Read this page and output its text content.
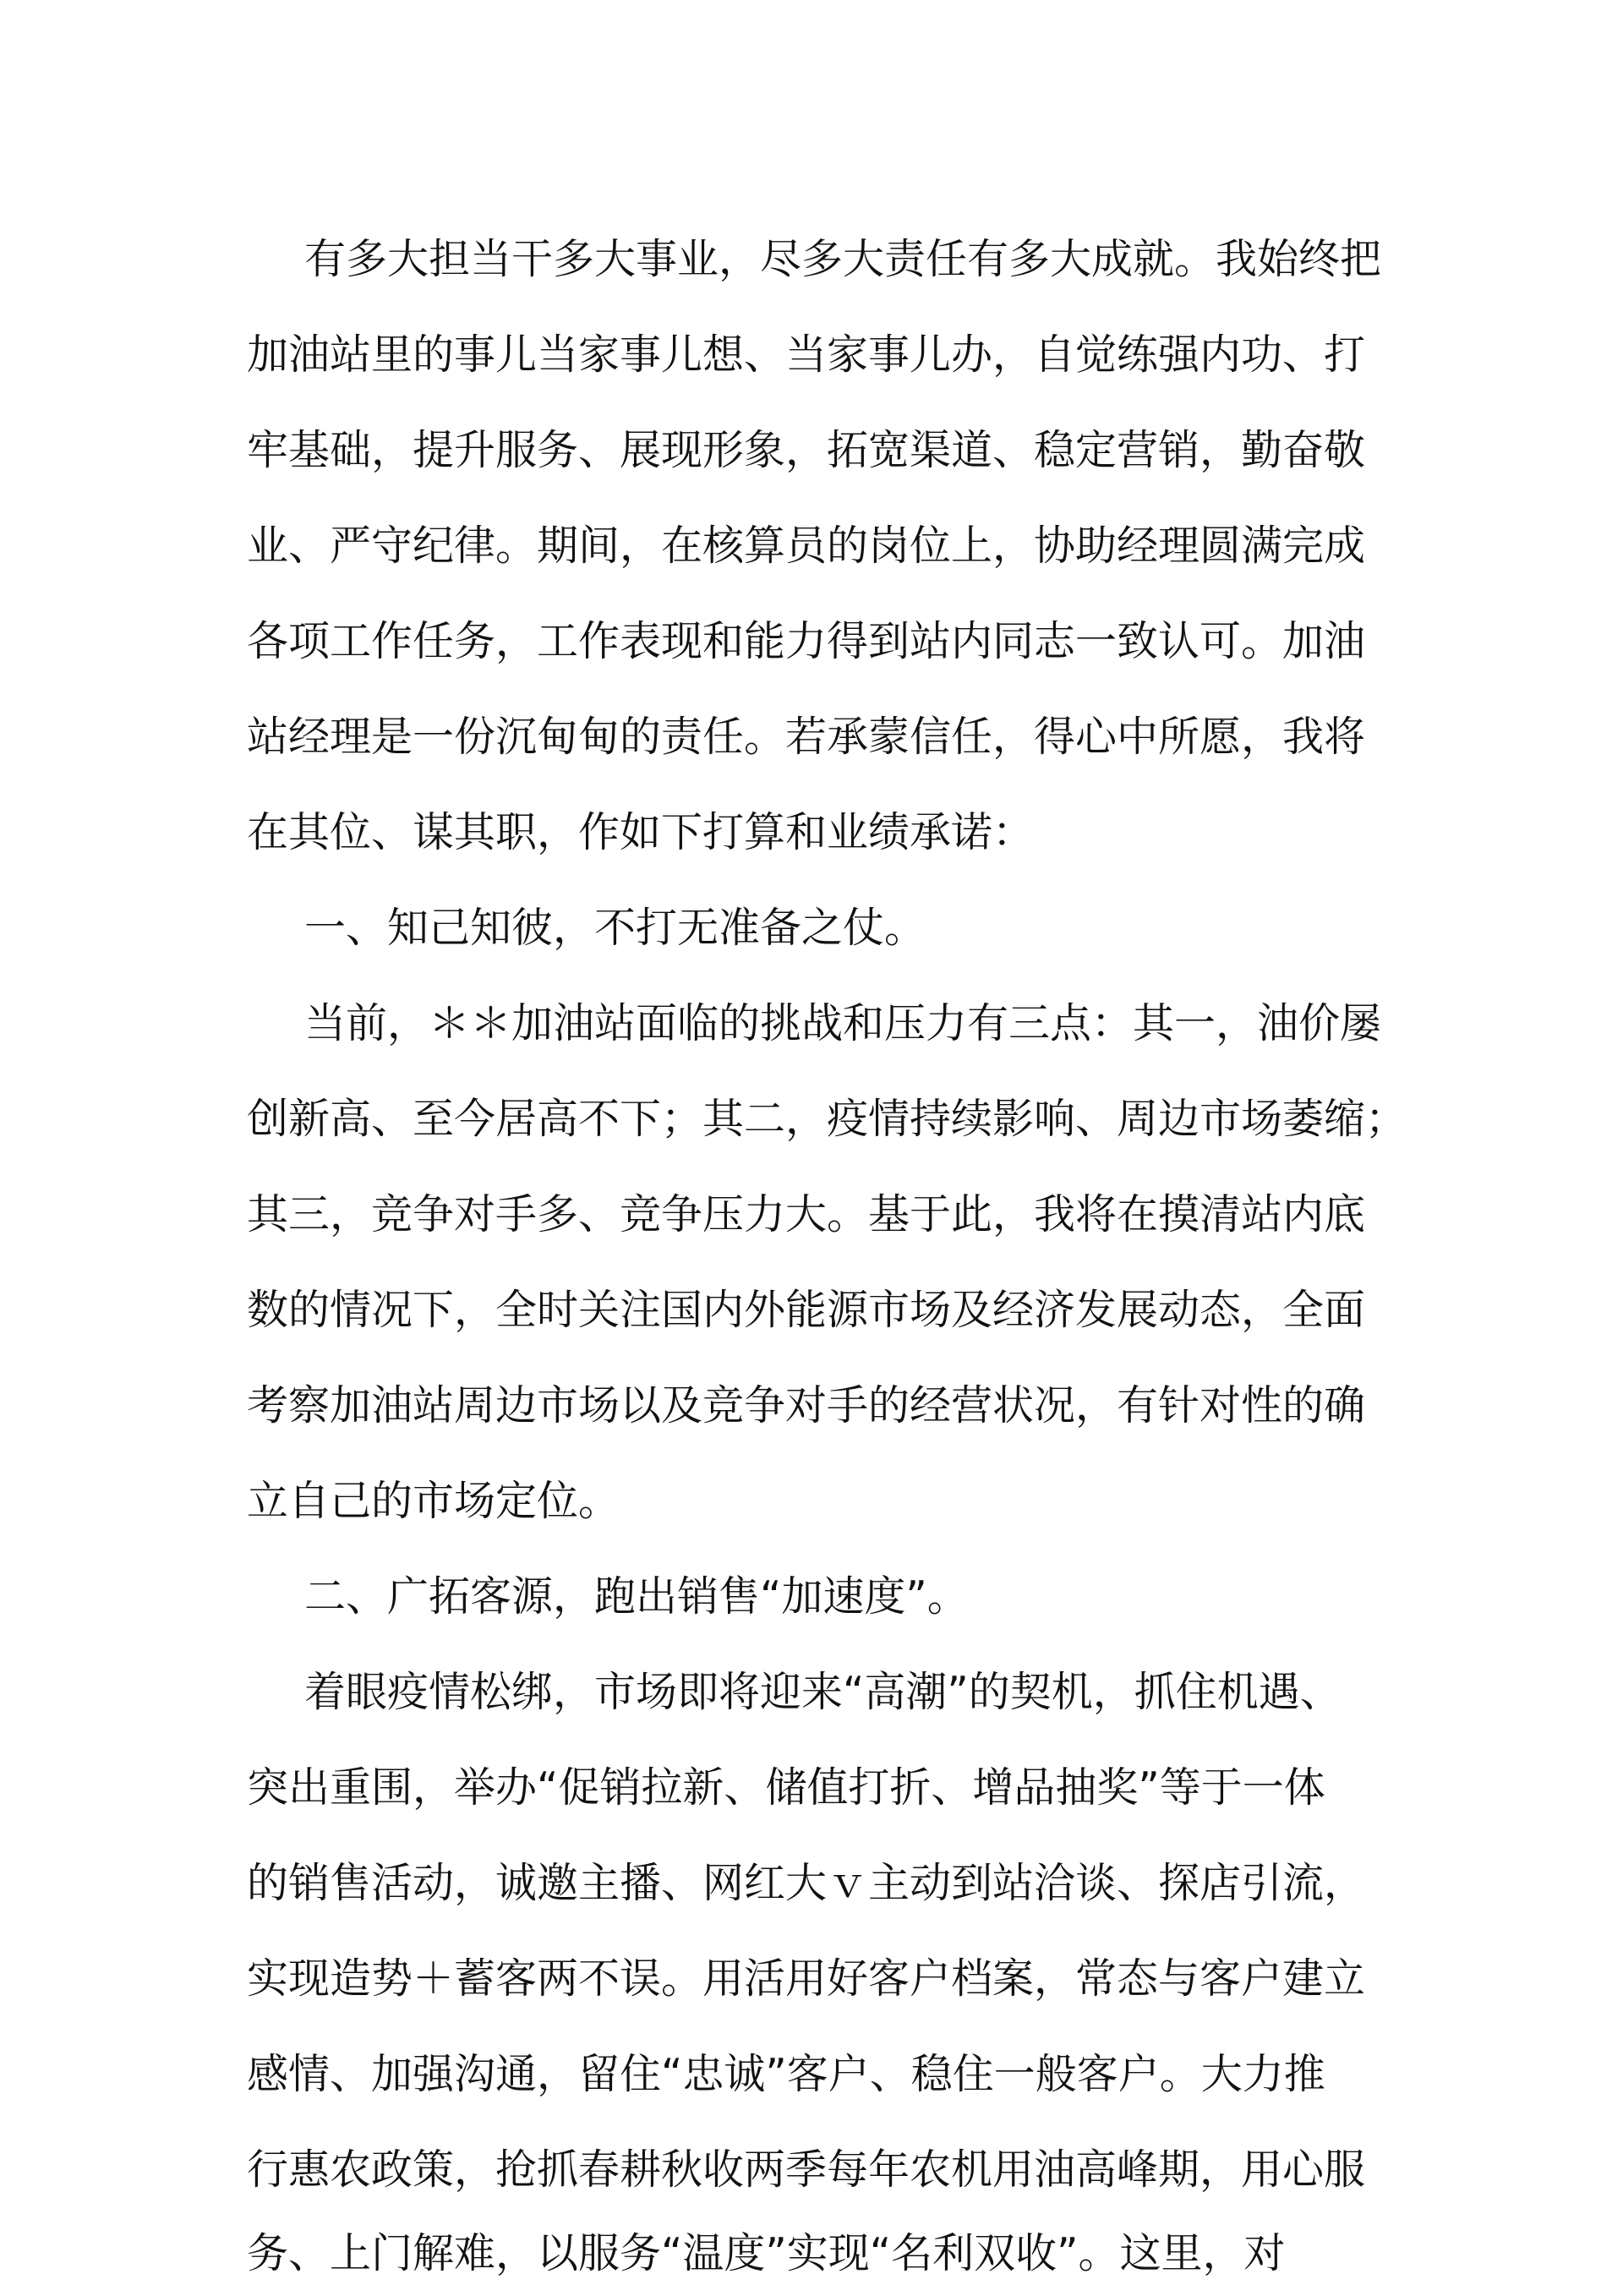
有多大担当干多大事业，尽多大责任有多大成就。我始终把

加油站里的事儿当家事儿想、当家事儿办，自觉练强内功、打

牢基础，提升服务、展现形象，拓宽渠道、稳定营销，勤奋敬

业、严守纪律。期间，在核算员的岗位上，协助经理圆满完成

各项工作任务，工作表现和能力得到站内同志一致认可。加油

站经理是一份沉甸甸的责任。若承蒙信任，得心中所愿，我将

在其位、谋其职，作如下打算和业绩承诺：

一、知己知彼，不打无准备之仗。

当前，＊＊加油站面临的挑战和压力有三点：其一，油价屡

创新高、至今居高不下；其二，疫情持续影响、周边市场萎缩；

其三，竞争对手多、竞争压力大。基于此，我将在摸清站内底

数的情况下，全时关注国内外能源市场及经济发展动态，全面

考察加油站周边市场以及竞争对手的经营状况，有针对性的确

立自己的市场定位。

二、广拓客源，跑出销售“加速度”。

着眼疫情松绑，市场即将迎来“高潮”的契机，抓住机遇、

突出重围，举办“促销拉新、储值打折、增品抽奖”等于一体

的销售活动，诚邀主播、网红大ｖ主动到站洽谈、探店引流，

实现造势＋蓄客两不误。用活用好客户档案，常态与客户建立

感情、加强沟通，留住“忠诚”客户、稳住一般客户。大力推

行惠农政策，抢抓春耕秋收两季每年农机用油高峰期，用心服

务、上门解难，以服务“温度”实现“名利双收”。这里，对
